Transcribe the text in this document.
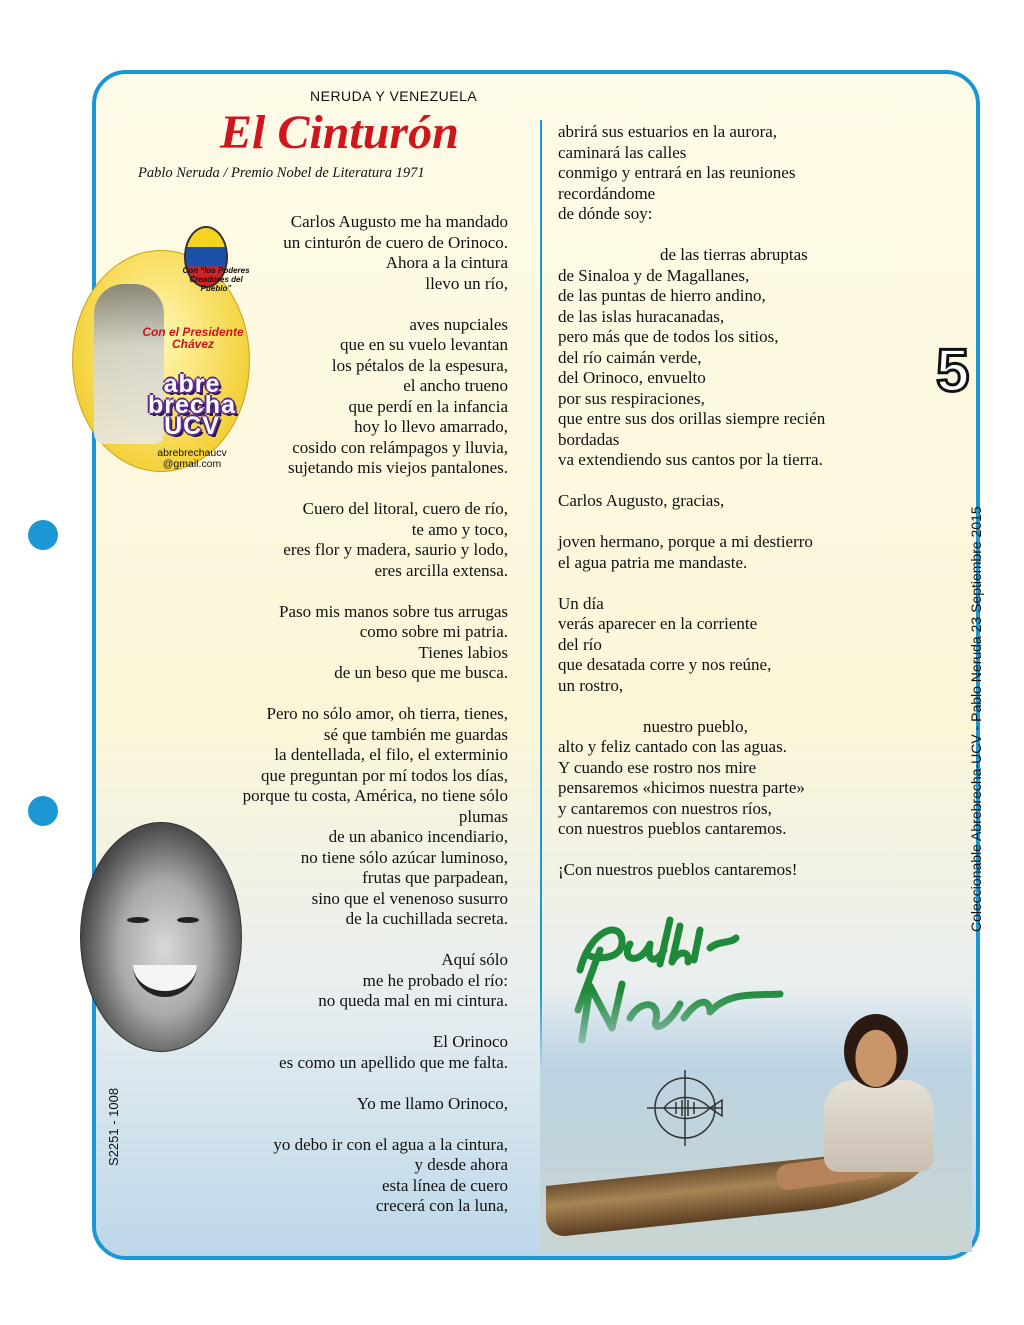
NERUDA Y VENEZUELA
El Cinturón
Pablo Neruda / Premio Nobel de Literatura 1971
Con “los Poderes Creadores del Pueblo”
Con el Presidente Chávez
abre brecha UCV
abrebrechaucv @gmail.com
Carlos Augusto me ha mandado
un cinturón de cuero de Orinoco.
Ahora a la cintura
llevo un río,
aves nupciales
que en su vuelo levantan
los pétalos de la espesura,
el ancho trueno
que perdí en la infancia
hoy lo llevo amarrado,
cosido con relámpagos y lluvia,
sujetando mis viejos pantalones.
Cuero del litoral, cuero de río,
te amo y toco,
eres flor y madera, saurio y lodo,
eres arcilla extensa.
Paso mis manos sobre tus arrugas
como sobre mi patria.
Tienes labios
de un beso que me busca.
Pero no sólo amor, oh tierra, tienes,
sé que también me guardas
la dentellada, el filo, el exterminio
que preguntan por mí todos los días,
porque tu costa, América, no tiene sólo
plumas
de un abanico incendiario,
no tiene sólo azúcar luminoso,
frutas que parpadean,
sino que el venenoso susurro
de la cuchillada secreta.
Aquí sólo
me he probado el río:
no queda mal en mi cintura.
El Orinoco
es como un apellido que me falta.
Yo me llamo Orinoco,
yo debo ir con el agua a la cintura,
y desde ahora
esta línea de cuero
crecerá con la luna,
abrirá sus estuarios en la aurora,
caminará las calles
conmigo y entrará en las reuniones
recordándome
de dónde soy:
de las tierras abruptas
de Sinaloa y de Magallanes,
de las puntas de hierro andino,
de las islas huracanadas,
pero más que de todos los sitios,
del río caimán verde,
del Orinoco, envuelto
por sus respiraciones,
que entre sus dos orillas siempre recién
bordadas
va extendiendo sus cantos por la tierra.
Carlos Augusto, gracias,
joven hermano, porque a mi destierro
el agua patria me mandaste.
Un día
verás aparecer en la corriente
del río
que desatada corre y nos reúne,
un rostro,
nuestro pueblo,
alto y feliz cantado con las aguas.
Y cuando ese rostro nos mire
pensaremos «hicimos nuestra parte»
y cantaremos con nuestros ríos,
con nuestros pueblos cantaremos.
¡Con nuestros pueblos cantaremos!
5
Coleccionable Abrebrecha-UCV - Pablo Neruda 23 Septiembre 2015
S2251 - 1008
